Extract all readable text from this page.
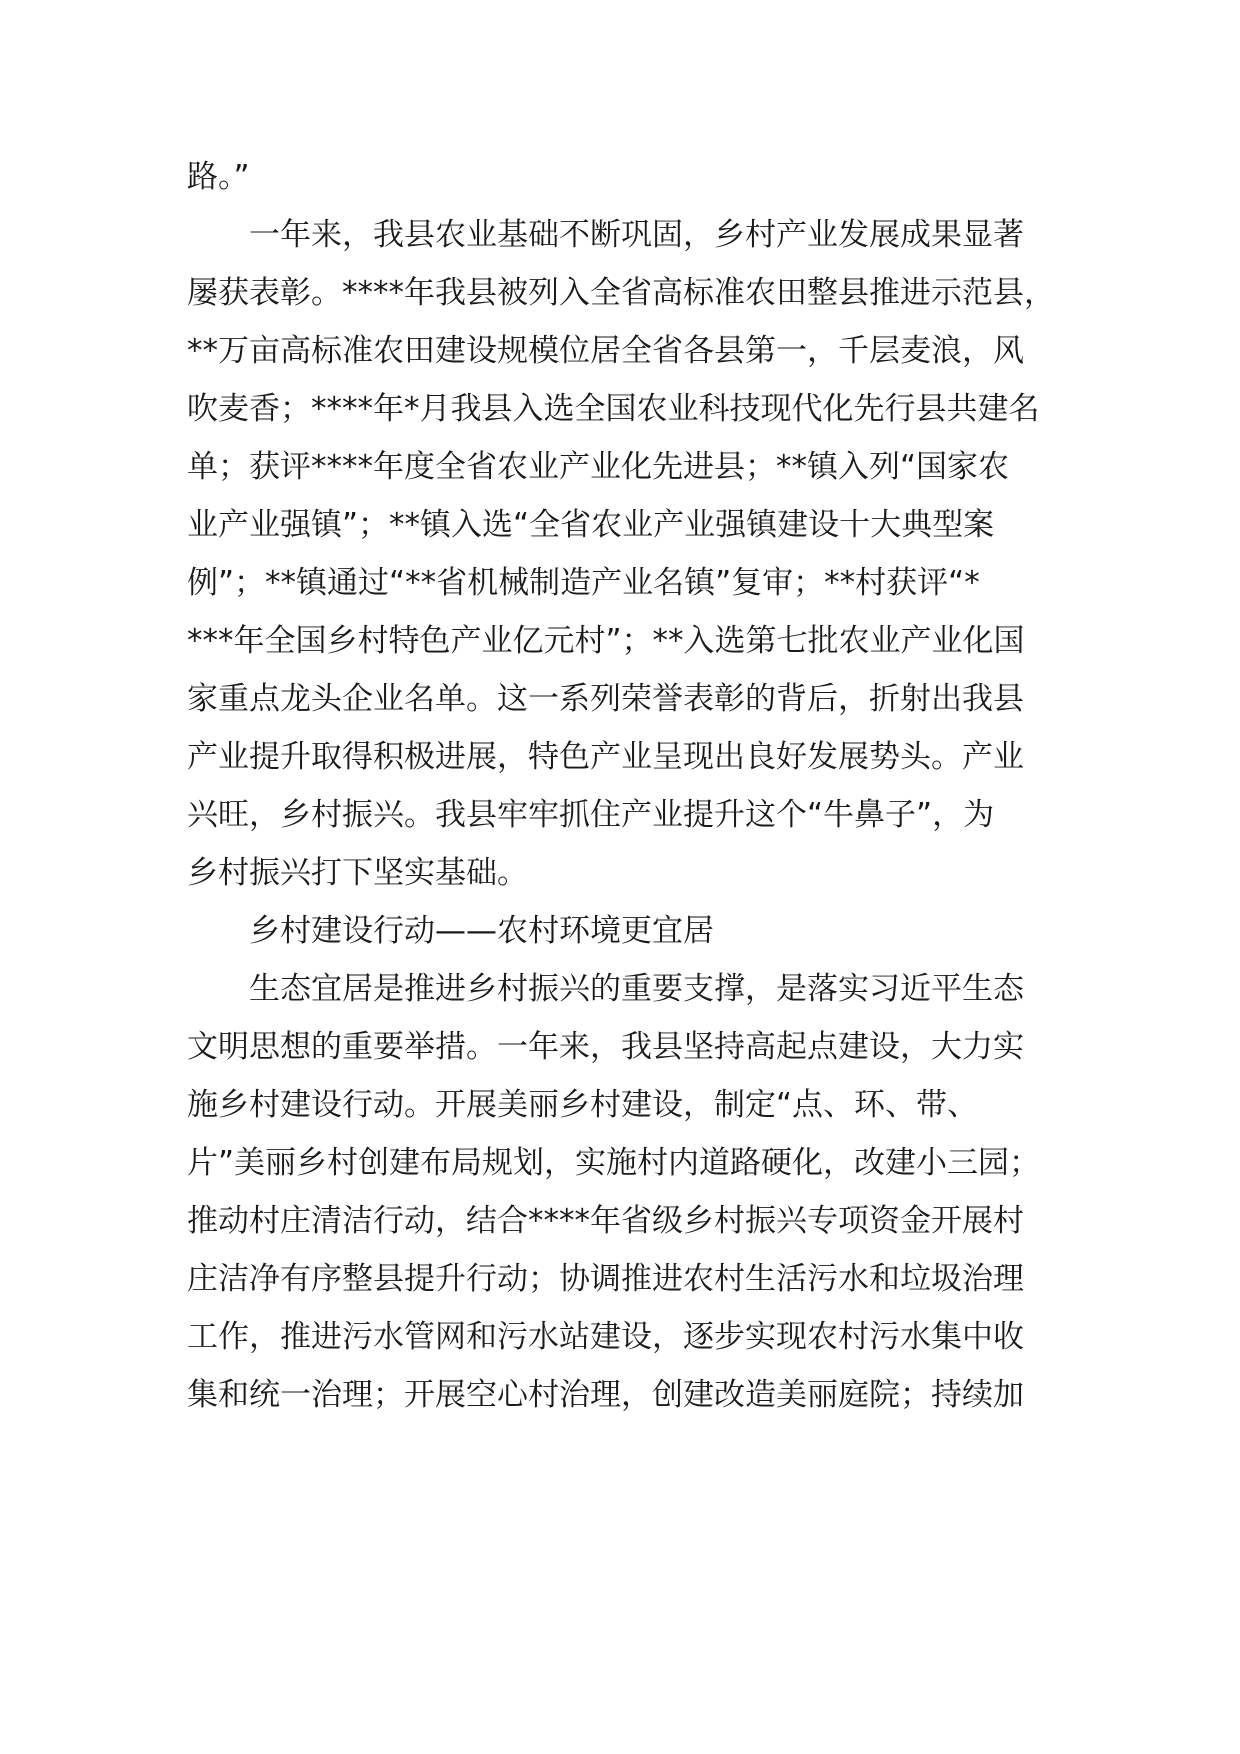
路。”
　　一年来，我县农业基础不断巩固，乡村产业发展成果显著
屡获表彰。****年我县被列入全省高标准农田整县推进示范县，
**万亩高标准农田建设规模位居全省各县第一，千层麦浪，风
吹麦香；****年*月我县入选全国农业科技现代化先行县共建名
单；获评****年度全省农业产业化先进县；**镇入列“国家农
业产业强镇”；**镇入选“全省农业产业强镇建设十大典型案
例”；**镇通过“**省机械制造产业名镇”复审；**村获评“*
***年全国乡村特色产业亿元村”；**入选第七批农业产业化国
家重点龙头企业名单。这一系列荣誉表彰的背后，折射出我县
产业提升取得积极进展，特色产业呈现出良好发展势头。产业
兴旺，乡村振兴。我县牢牢抓住产业提升这个“牛鼻子”，为
乡村振兴打下坚实基础。
　　乡村建设行动——农村环境更宜居
　　生态宜居是推进乡村振兴的重要支撑，是落实习近平生态
文明思想的重要举措。一年来，我县坚持高起点建设，大力实
施乡村建设行动。开展美丽乡村建设，制定“点、环、带、
片”美丽乡村创建布局规划，实施村内道路硬化，改建小三园；
推动村庄清洁行动，结合****年省级乡村振兴专项资金开展村
庄洁净有序整县提升行动；协调推进农村生活污水和垃圾治理
工作，推进污水管网和污水站建设，逐步实现农村污水集中收
集和统一治理；开展空心村治理，创建改造美丽庭院；持续加
